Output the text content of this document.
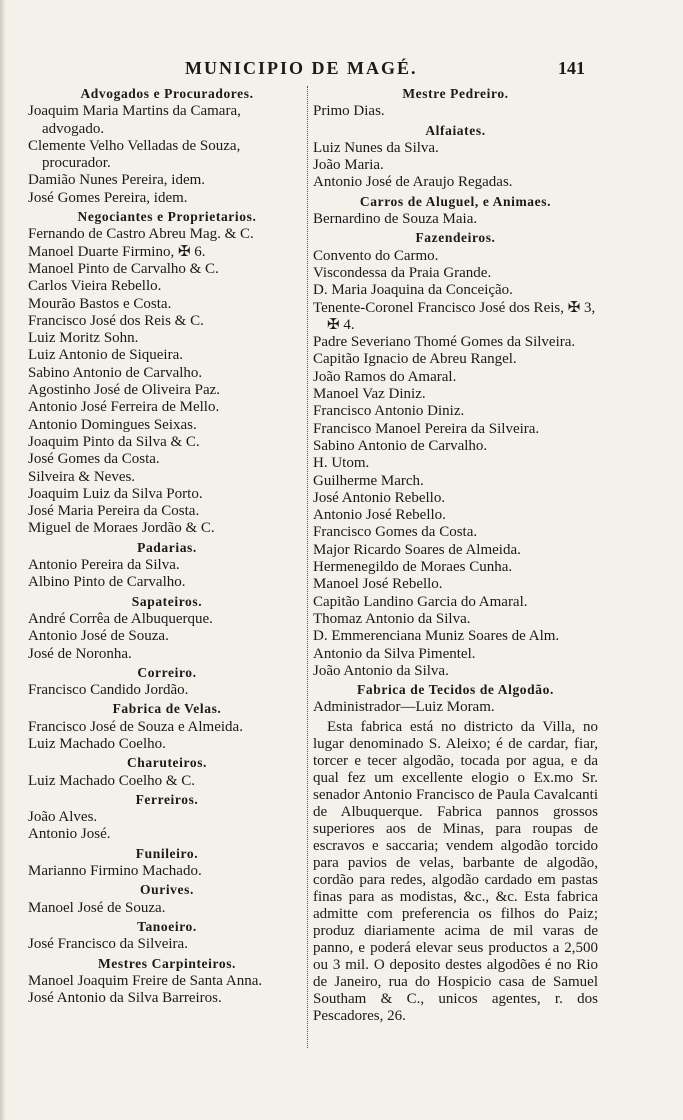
MUNICIPIO DE MAGÉ.	141
Advogados e Procuradores.
Joaquim Maria Martins da Camara, advogado.
Clemente Velho Velladas de Souza, procurador.
Damião Nunes Pereira, idem.
José Gomes Pereira, idem.
Negociantes e Proprietarios.
Fernando de Castro Abreu Mag. & C.
Manoel Duarte Firmino, ✠ 6.
Manoel Pinto de Carvalho & C.
Carlos Vieira Rebello.
Mourão Bastos e Costa.
Francisco José dos Reis & C.
Luiz Moritz Sohn.
Luiz Antonio de Siqueira.
Sabino Antonio de Carvalho.
Agostinho José de Oliveira Paz.
Antonio José Ferreira de Mello.
Antonio Domingues Seixas.
Joaquim Pinto da Silva & C.
José Gomes da Costa.
Silveira & Neves.
Joaquim Luiz da Silva Porto.
José Maria Pereira da Costa.
Miguel de Moraes Jordão & C.
Padarias.
Antonio Pereira da Silva.
Albino Pinto de Carvalho.
Sapateiros.
André Corrêa de Albuquerque.
Antonio José de Souza.
José de Noronha.
Correiro.
Francisco Candido Jordão.
Fabrica de Velas.
Francisco José de Souza e Almeida.
Luiz Machado Coelho.
Charuteiros.
Luiz Machado Coelho & C.
Ferreiros.
João Alves.
Antonio José.
Funileiro.
Marianno Firmino Machado.
Ourives.
Manoel José de Souza.
Tanoeiro.
José Francisco da Silveira.
Mestres Carpinteiros.
Manoel Joaquim Freire de Santa Anna.
José Antonio da Silva Barreiros.
Mestre Pedreiro.
Primo Dias.
Alfaiates.
Luiz Nunes da Silva.
João Maria.
Antonio José de Araujo Regadas.
Carros de Aluguel, e Animaes.
Bernardino de Souza Maia.
Fazendeiros.
Convento do Carmo.
Viscondessa da Praia Grande.
D. Maria Joaquina da Conceição.
Tenente-Coronel Francisco José dos Reis, ✠ 3, ✠ 4.
Padre Severiano Thomé Gomes da Silveira.
Capitão Ignacio de Abreu Rangel.
João Ramos do Amaral.
Manoel Vaz Diniz.
Francisco Antonio Diniz.
Francisco Manoel Pereira da Silveira.
Sabino Antonio de Carvalho.
H. Utom.
Guilherme March.
José Antonio Rebello.
Antonio José Rebello.
Francisco Gomes da Costa.
Major Ricardo Soares de Almeida.
Hermenegildo de Moraes Cunha.
Manoel José Rebello.
Capitão Landino Garcia do Amaral.
Thomaz Antonio da Silva.
D. Emmerenciana Muniz Soares de Alm.
Antonio da Silva Pimentel.
João Antonio da Silva.
Fabrica de Tecidos de Algodão.
Administrador—Luiz Moram.
Esta fabrica está no districto da Villa, no lugar denominado S. Aleixo; é de cardar, fiar, torcer e tecer algodão, tocada por agua, e da qual fez um excellente elogio o Ex.mo Sr. senador Antonio Francisco de Paula Cavalcanti de Albuquerque. Fabrica pannos grossos superiores aos de Minas, para roupas de escravos e saccaria; vendem algodão torcido para pavios de velas, barbante de algodão, cordão para redes, algodão cardado em pastas finas para as modistas, &c., &c. Esta fabrica admitte com preferencia os filhos do Paiz; produz diariamente acima de mil varas de panno, e poderá elevar seus productos a 2,500 ou 3 mil. O deposito destes algodões é no Rio de Janeiro, rua do Hospicio casa de Samuel Southam & C., unicos agentes, r. dos Pescadores, 26.
